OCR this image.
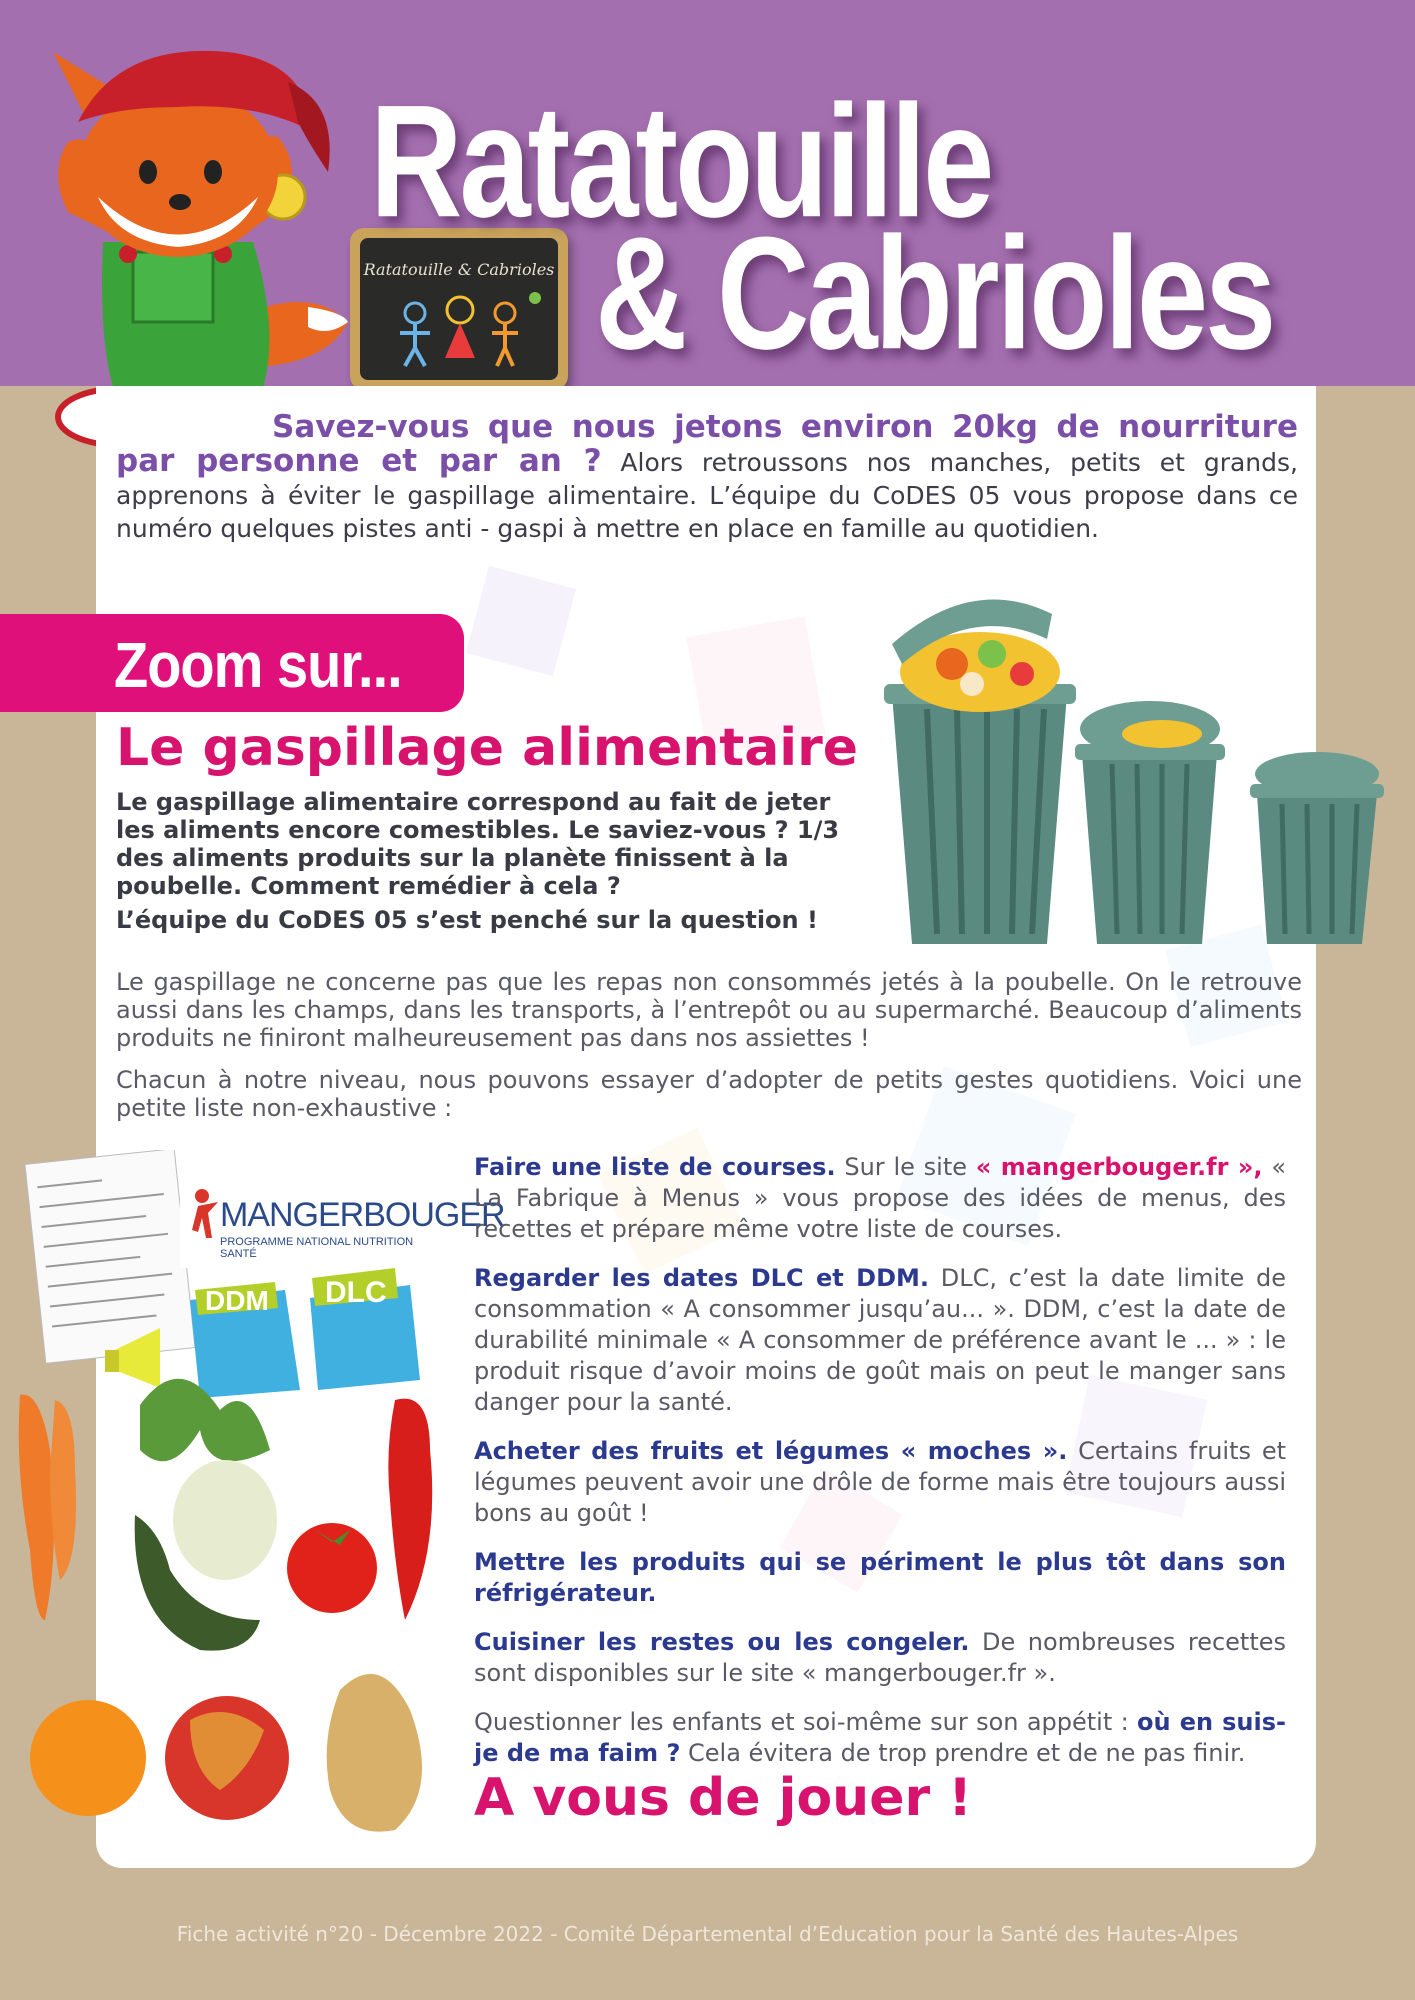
Ratatouille & Cabrioles
Ratatouille
& Cabrioles
Savez-vous que nous jetons environ 20kg de nourriture par personne et par an ? Alors retroussons nos manches, petits et grands, apprenons à éviter le gaspillage alimentaire. L’équipe du CoDES 05 vous propose dans ce numéro quelques pistes anti - gaspi à mettre en place en famille au quotidien.
Zoom sur...
Le gaspillage alimentaire

Le gaspillage alimentaire correspond au fait de jeter les aliments encore comestibles. Le saviez-vous ? 1/3 des aliments produits sur la planète finissent à la poubelle. Comment remédier à cela ?

L’équipe du CoDES 05 s’est penché sur la question !

Le gaspillage ne concerne pas que les repas non consommés jetés à la poubelle. On le retrouve aussi dans les champs, dans les transports, à l’entrepôt ou au supermarché. Beaucoup d’aliments produits ne finiront malheureusement pas dans nos assiettes !

Chacun à notre niveau, nous pouvons essayer d’adopter de petits gestes quotidiens. Voici une petite liste non-exhaustive :

DDM DLC
MANGERBOUGER
PROGRAMME NATIONAL NUTRITION SANTÉ

Faire une liste de courses. Sur le site « mangerbouger.fr », « La Fabrique à Menus » vous propose des idées de menus, des recettes et prépare même votre liste de courses.

Regarder les dates DLC et DDM. DLC, c’est la date limite de consommation « A consommer jusqu’au... ». DDM, c’est la date de durabilité minimale « A consommer de préférence avant le ... » : le produit risque d’avoir moins de goût mais on peut le manger sans danger pour la santé.

Acheter des fruits et légumes « moches ». Certains fruits et légumes peuvent avoir une drôle de forme mais être toujours aussi bons au goût !

Mettre les produits qui se périment le plus tôt dans son réfrigérateur.

Cuisiner les restes ou les congeler. De nombreuses recettes sont disponibles sur le site « mangerbouger.fr ».

Questionner les enfants et soi-même sur son appétit : où en suis-je de ma faim ? Cela évitera de trop prendre et de ne pas finir.

A vous de jouer !
Fiche activité n°20 - Décembre 2022 - Comité Départemental d’Education pour la Santé des Hautes-Alpes
